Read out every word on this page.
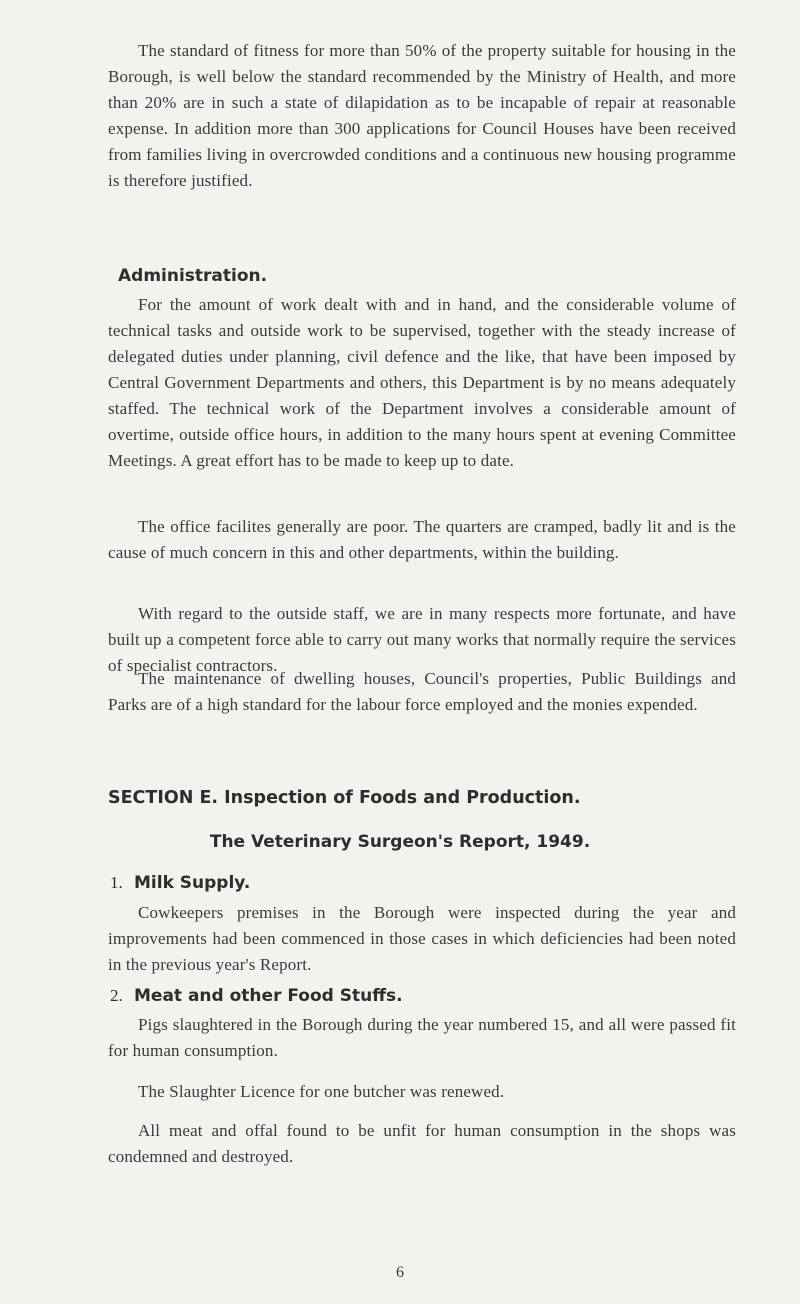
The standard of fitness for more than 50% of the property suitable for housing in the Borough, is well below the standard recommended by the Ministry of Health, and more than 20% are in such a state of dilapidation as to be incapable of repair at reasonable expense. In addition more than 300 applications for Council Houses have been received from families living in overcrowded conditions and a continuous new housing programme is therefore justified.

Administration.

For the amount of work dealt with and in hand, and the considerable volume of technical tasks and outside work to be supervised, together with the steady increase of delegated duties under planning, civil defence and the like, that have been imposed by Central Government Departments and others, this Department is by no means adequately staffed. The technical work of the Department involves a considerable amount of overtime, outside office hours, in addition to the many hours spent at evening Committee Meetings. A great effort has to be made to keep up to date.

The office facilites generally are poor. The quarters are cramped, badly lit and is the cause of much concern in this and other departments, within the building.

With regard to the outside staff, we are in many respects more fortunate, and have built up a competent force able to carry out many works that normally require the services of specialist contractors.

The maintenance of dwelling houses, Council's properties, Public Buildings and Parks are of a high standard for the labour force employed and the monies expended.

SECTION E. Inspection of Foods and Production.
The Veterinary Surgeon's Report, 1949.
1. Milk Supply.

Cowkeepers premises in the Borough were inspected during the year and improvements had been commenced in those cases in which deficiencies had been noted in the previous year's Report.

2. Meat and other Food Stuffs.

Pigs slaughtered in the Borough during the year numbered 15, and all were passed fit for human consumption.

The Slaughter Licence for one butcher was renewed.

All meat and offal found to be unfit for human consumption in the shops was condemned and destroyed.

6
